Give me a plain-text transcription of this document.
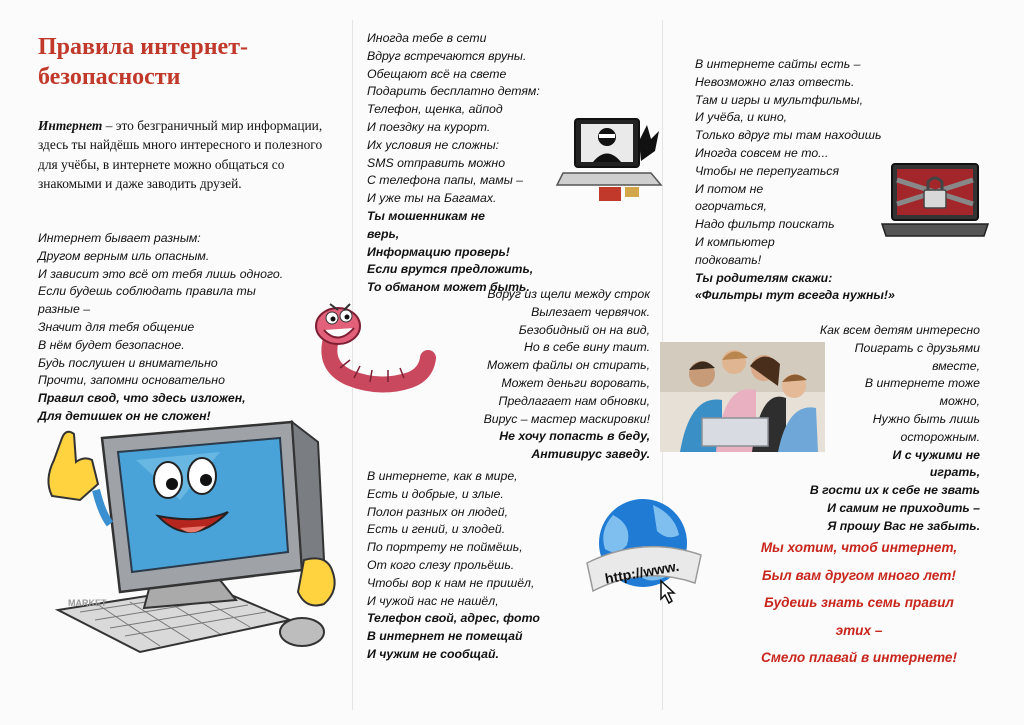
Правила интернет-безопасности

Интернет – это безграничный мир информации, здесь ты найдёшь много интересного и полезного для учёбы, в интернете можно общаться со знакомыми и даже заводить друзей.

Интернет бывает разным:
Другом верным иль опасным.
И зависит это всё от тебя лишь одного.
Если будешь соблюдать правила ты
разные –
Значит для тебя общение
В нём будет безопасное.
Будь послушен и внимательно
Прочти, запомни основательно
Правил свод, что здесь изложен,
Для детишек он не сложен!
MARKET
Иногда тебе в сети
Вдруг встречаются вруны.
Обещают всё на свете
Подарить бесплатно детям:
Телефон, щенка, айпод
И поездку на курорт.
Их условия не сложны:
SMS отправить можно
С телефона папы, мамы –
И уже ты на Багамах.
Ты мошенникам не
верь,
Информацию проверь!
Если врутся предложить,
То обманом может быть.
Вдруг из щели между строк
Вылезает червячок.
Безобидный он на вид,
Но в себе вину таит.
Может файлы он стирать,
Может деньги воровать,
Предлагает нам обновки,
Вирус – мастер маскировки!
Не хочу попасть в беду,
Антивирус заведу.
В интернете, как в мире,
Есть и добрые, и злые.
Полон разных он людей,
Есть и гений, и злодей.
По портрету не поймёшь,
От кого слезу прольёшь.
Чтобы вор к нам не пришёл,
И чужой нас не нашёл,
Телефон свой, адрес, фото
В интернет не помещай
И чужим не сообщай.
http://www.
В интернете сайты есть –
Невозможно глаз отвесть.
Там и игры и мультфильмы,
И учёба, и кино,
Только вдруг ты там находишь
Иногда совсем не то...
Чтобы не перепугаться
И потом не
огорчаться,
Надо фильтр поискать
И компьютер
подковать!
Ты родителям скажи:
«Фильтры тут всегда нужны!»
Как всем детям интересно
Поиграть с друзьями
вместе,
В интернете тоже
можно,
Нужно быть лишь
осторожным.
И с чужими не
играть,
В гости их к себе не звать
И самим не приходить –
Я прошу Вас не забыть.
Мы хотим, чтоб интернет,
Был вам другом много лет!
Будешь знать семь правил
этих –
Смело плавай в интернете!
